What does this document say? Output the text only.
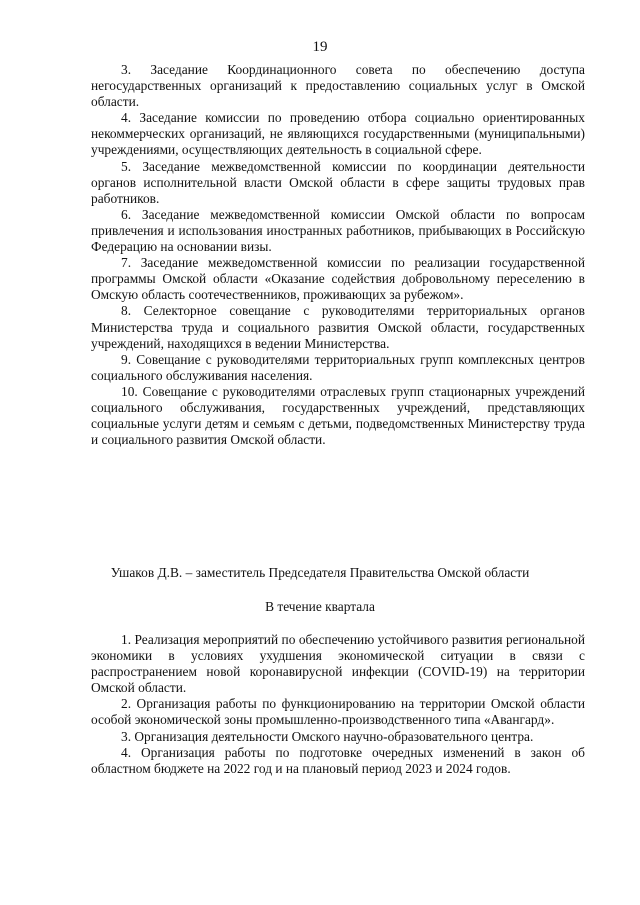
19

3. Заседание Координационного совета по обеспечению доступа негосударственных организаций к предоставлению социальных услуг в Омской области.

4. Заседание комиссии по проведению отбора социально ориентированных некоммерческих организаций, не являющихся государственными (муниципальными) учреждениями, осуществляющих деятельность в социальной сфере.

5. Заседание межведомственной комиссии по координации деятельности органов исполнительной власти Омской области в сфере защиты трудовых прав работников.

6. Заседание межведомственной комиссии Омской области по вопросам привлечения и использования иностранных работников, прибывающих в Российскую Федерацию на основании визы.

7. Заседание межведомственной комиссии по реализации государственной программы Омской области «Оказание содействия добровольному переселению в Омскую область соотечественников, проживающих за рубежом».

8. Селекторное совещание с руководителями территориальных органов Министерства труда и социального развития Омской области, государственных учреждений, находящихся в ведении Министерства.

9. Совещание с руководителями территориальных групп комплексных центров социального обслуживания населения.

10. Совещание с руководителями отраслевых групп стационарных учреждений социального обслуживания, государственных учреждений, представляющих социальные услуги детям и семьям с детьми, подведомственных Министерству труда и социального развития Омской области.

Ушаков Д.В. – заместитель Председателя Правительства Омской области

В течение квартала

1. Реализация мероприятий по обеспечению устойчивого развития региональной экономики в условиях ухудшения экономической ситуации в связи с распространением новой коронавирусной инфекции (COVID-19) на территории Омской области.

2. Организация работы по функционированию на территории Омской области особой экономической зоны промышленно-производственного типа «Авангард».

3. Организация деятельности Омского научно-образовательного центра.

4. Организация работы по подготовке очередных изменений в закон об областном бюджете на 2022 год и на плановый период 2023 и 2024 годов.
